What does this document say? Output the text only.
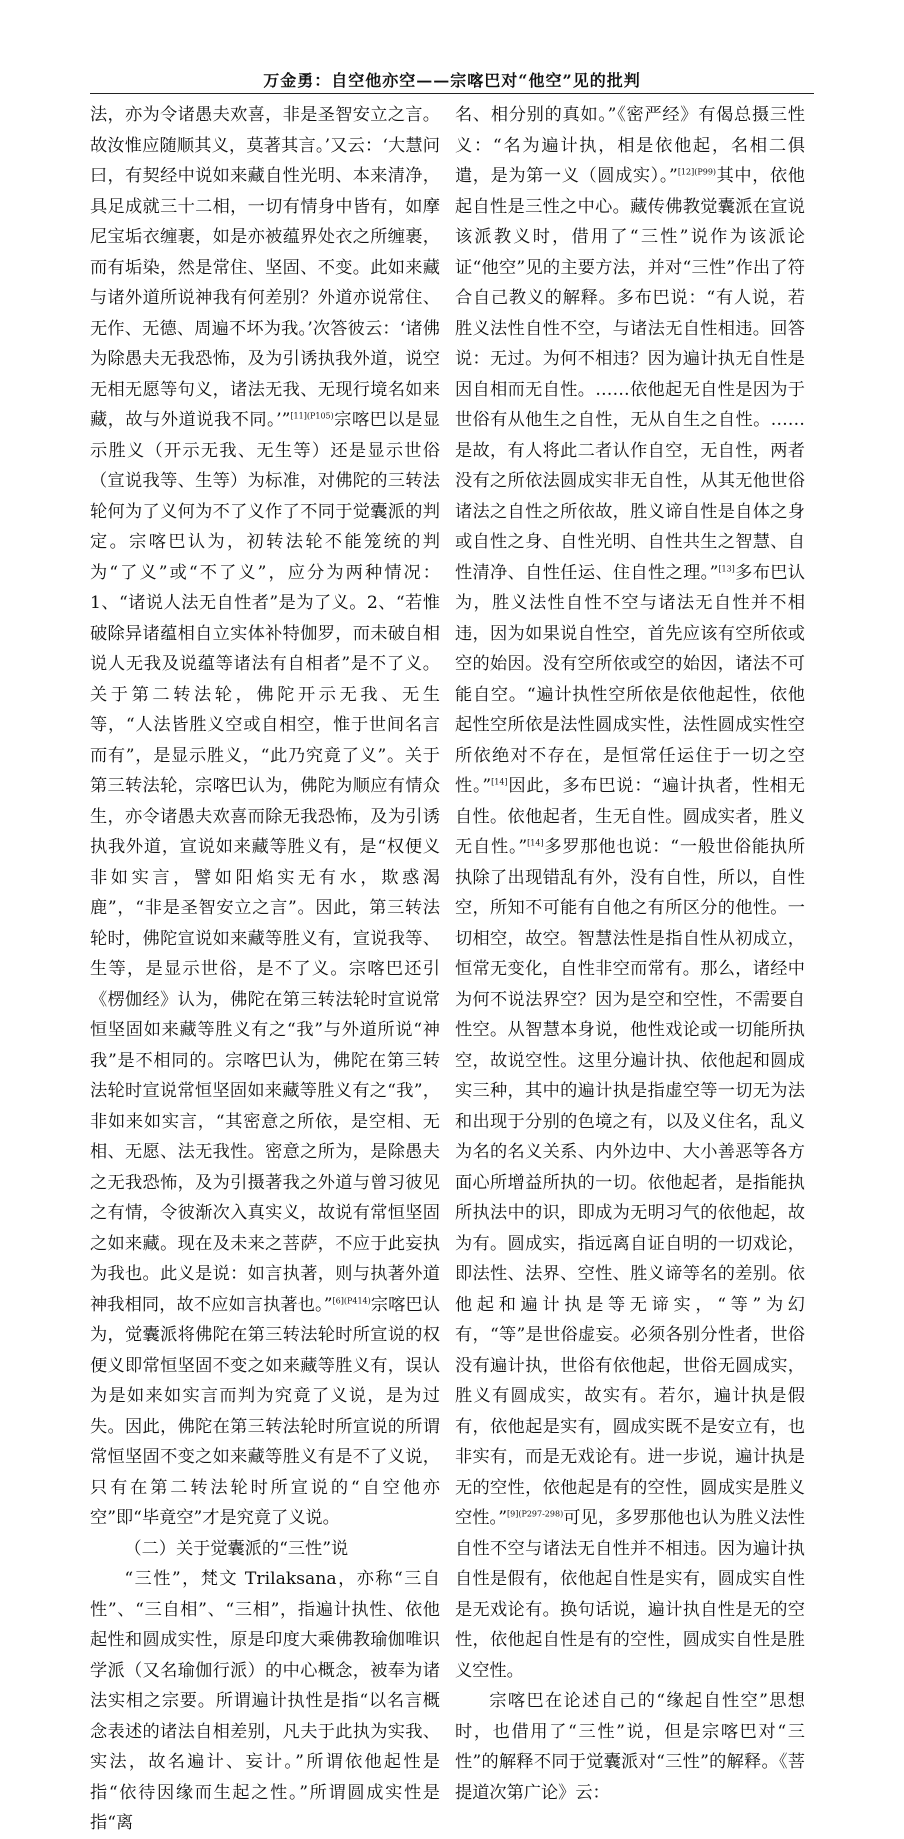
万金勇：自空他亦空——宗喀巴对“他空”见的批判

法，亦为令诸愚夫欢喜，非是圣智安立之言。故汝惟应随顺其义，莫著其言。’又云：‘大慧问曰，有契经中说如来藏自性光明、本来清净，具足成就三十二相，一切有情身中皆有，如摩尼宝垢衣缠裹，如是亦被蕴界处衣之所缠裹，而有垢染，然是常住、坚固、不变。此如来藏与诸外道所说神我有何差别？外道亦说常住、无作、无德、周遍不坏为我。’次答彼云：‘诸佛为除愚夫无我恐怖，及为引诱执我外道，说空无相无愿等句义，诸法无我、无现行境名如来藏，故与外道说我不同。’”$^{[11](P105)}$宗喀巴以是显示胜义（开示无我、无生等）还是显示世俗（宣说我等、生等）为标准，对佛陀的三转法轮何为了义何为不了义作了不同于觉囊派的判定。宗喀巴认为，初转法轮不能笼统的判为“了义”或“不了义”，应分为两种情况：1、“诸说人法无自性者”是为了义。2、“若惟破除异诸蕴相自立实体补特伽罗，而未破自相说人无我及说蕴等诸法有自相者”是不了义。关于第二转法轮，佛陀开示无我、无生等，“人法皆胜义空或自相空，惟于世间名言而有”，是显示胜义，“此乃究竟了义”。关于第三转法轮，宗喀巴认为，佛陀为顺应有情众生，亦令诸愚夫欢喜而除无我恐怖，及为引诱执我外道，宣说如来藏等胜义有，是“权便义非如实言，譬如阳焰实无有水，欺惑渴鹿”，“非是圣智安立之言”。因此，第三转法轮时，佛陀宣说如来藏等胜义有，宣说我等、生等，是显示世俗，是不了义。宗喀巴还引《楞伽经》认为，佛陀在第三转法轮时宣说常恒坚固如来藏等胜义有之“我”与外道所说“神我”是不相同的。宗喀巴认为，佛陀在第三转法轮时宣说常恒坚固如来藏等胜义有之“我”，非如来如实言，“其密意之所依，是空相、无相、无愿、法无我性。密意之所为，是除愚夫之无我恐怖，及为引摄著我之外道与曾习彼见之有情，令彼渐次入真实义，故说有常恒坚固之如来藏。现在及未来之菩萨，不应于此妄执为我也。此义是说：如言执著，则与执著外道神我相同，故不应如言执著也。”$^{[6](P414)}$宗喀巴认为，觉囊派将佛陀在第三转法轮时所宣说的权便义即常恒坚固不变之如来藏等胜义有，误认为是如来如实言而判为究竟了义说，是为过失。因此，佛陀在第三转法轮时所宣说的所谓常恒坚固不变之如来藏等胜义有是不了义说，只有在第二转法轮时所宣说的“自空他亦空”即“毕竟空”才是究竟了义说。

（二）关于觉囊派的“三性”说

“三性”，梵文 Trilaksana，亦称“三自性”、“三自相”、“三相”，指遍计执性、依他起性和圆成实性，原是印度大乘佛教瑜伽唯识学派（又名瑜伽行派）的中心概念，被奉为诸法实相之宗要。所谓遍计执性是指“以名言概念表述的诸法自相差别，凡夫于此执为实我、实法，故名遍计、妄计。”所谓依他起性是指“依待因缘而生起之性。”所谓圆成实性是指“离

名、相分别的真如。”《密严经》有偈总摄三性义：“名为遍计执，相是依他起，名相二俱遣，是为第一义（圆成实）。”$^{[12](P99)}$其中，依他起自性是三性之中心。藏传佛教觉囊派在宣说该派教义时，借用了“三性”说作为该派论证“他空”见的主要方法，并对“三性”作出了符合自己教义的解释。多布巴说：“有人说，若胜义法性自性不空，与诸法无自性相违。回答说：无过。为何不相违？因为遍计执无自性是因自相而无自性。……依他起无自性是因为于世俗有从他生之自性，无从自生之自性。……是故，有人将此二者认作自空，无自性，两者没有之所依法圆成实非无自性，从其无他世俗诸法之自性之所依故，胜义谛自性是自体之身或自性之身、自性光明、自性共生之智慧、自性清净、自性任运、住自性之理。”[13]多布巴认为，胜义法性自性不空与诸法无自性并不相违，因为如果说自性空，首先应该有空所依或空的始因。没有空所依或空的始因，诸法不可能自空。“遍计执性空所依是依他起性，依他起性空所依是法性圆成实性，法性圆成实性空所依绝对不存在，是恒常任运住于一切之空性。”[14]因此，多布巴说：“遍计执者，性相无自性。依他起者，生无自性。圆成实者，胜义无自性。”[14]多罗那他也说：“一般世俗能执所执除了出现错乱有外，没有自性，所以，自性空，所知不可能有自他之有所区分的他性。一切相空，故空。智慧法性是指自性从初成立，恒常无变化，自性非空而常有。那么，诸经中为何不说法界空？因为是空和空性，不需要自性空。从智慧本身说，他性戏论或一切能所执空，故说空性。这里分遍计执、依他起和圆成实三种，其中的遍计执是指虚空等一切无为法和出现于分别的色境之有，以及义住名，乱义为名的名义关系、内外边中、大小善恶等各方面心所增益所执的一切。依他起者，是指能执所执法中的识，即成为无明习气的依他起，故为有。圆成实，指远离自证自明的一切戏论，即法性、法界、空性、胜义谛等名的差别。依他起和遍计执是等无谛实，“等”为幻有，“等”是世俗虚妄。必须各别分性者，世俗没有遍计执，世俗有依他起，世俗无圆成实，胜义有圆成实，故实有。若尔，遍计执是假有，依他起是实有，圆成实既不是安立有，也非实有，而是无戏论有。进一步说，遍计执是无的空性，依他起是有的空性，圆成实是胜义空性。”$^{[9](P297-298)}$可见，多罗那他也认为胜义法性自性不空与诸法无自性并不相违。因为遍计执自性是假有，依他起自性是实有，圆成实自性是无戏论有。换句话说，遍计执自性是无的空性，依他起自性是有的空性，圆成实自性是胜义空性。

宗喀巴在论述自己的“缘起自性空”思想时，也借用了“三性”说，但是宗喀巴对“三性”的解释不同于觉囊派对“三性”的解释。《菩提道次第广论》云：
